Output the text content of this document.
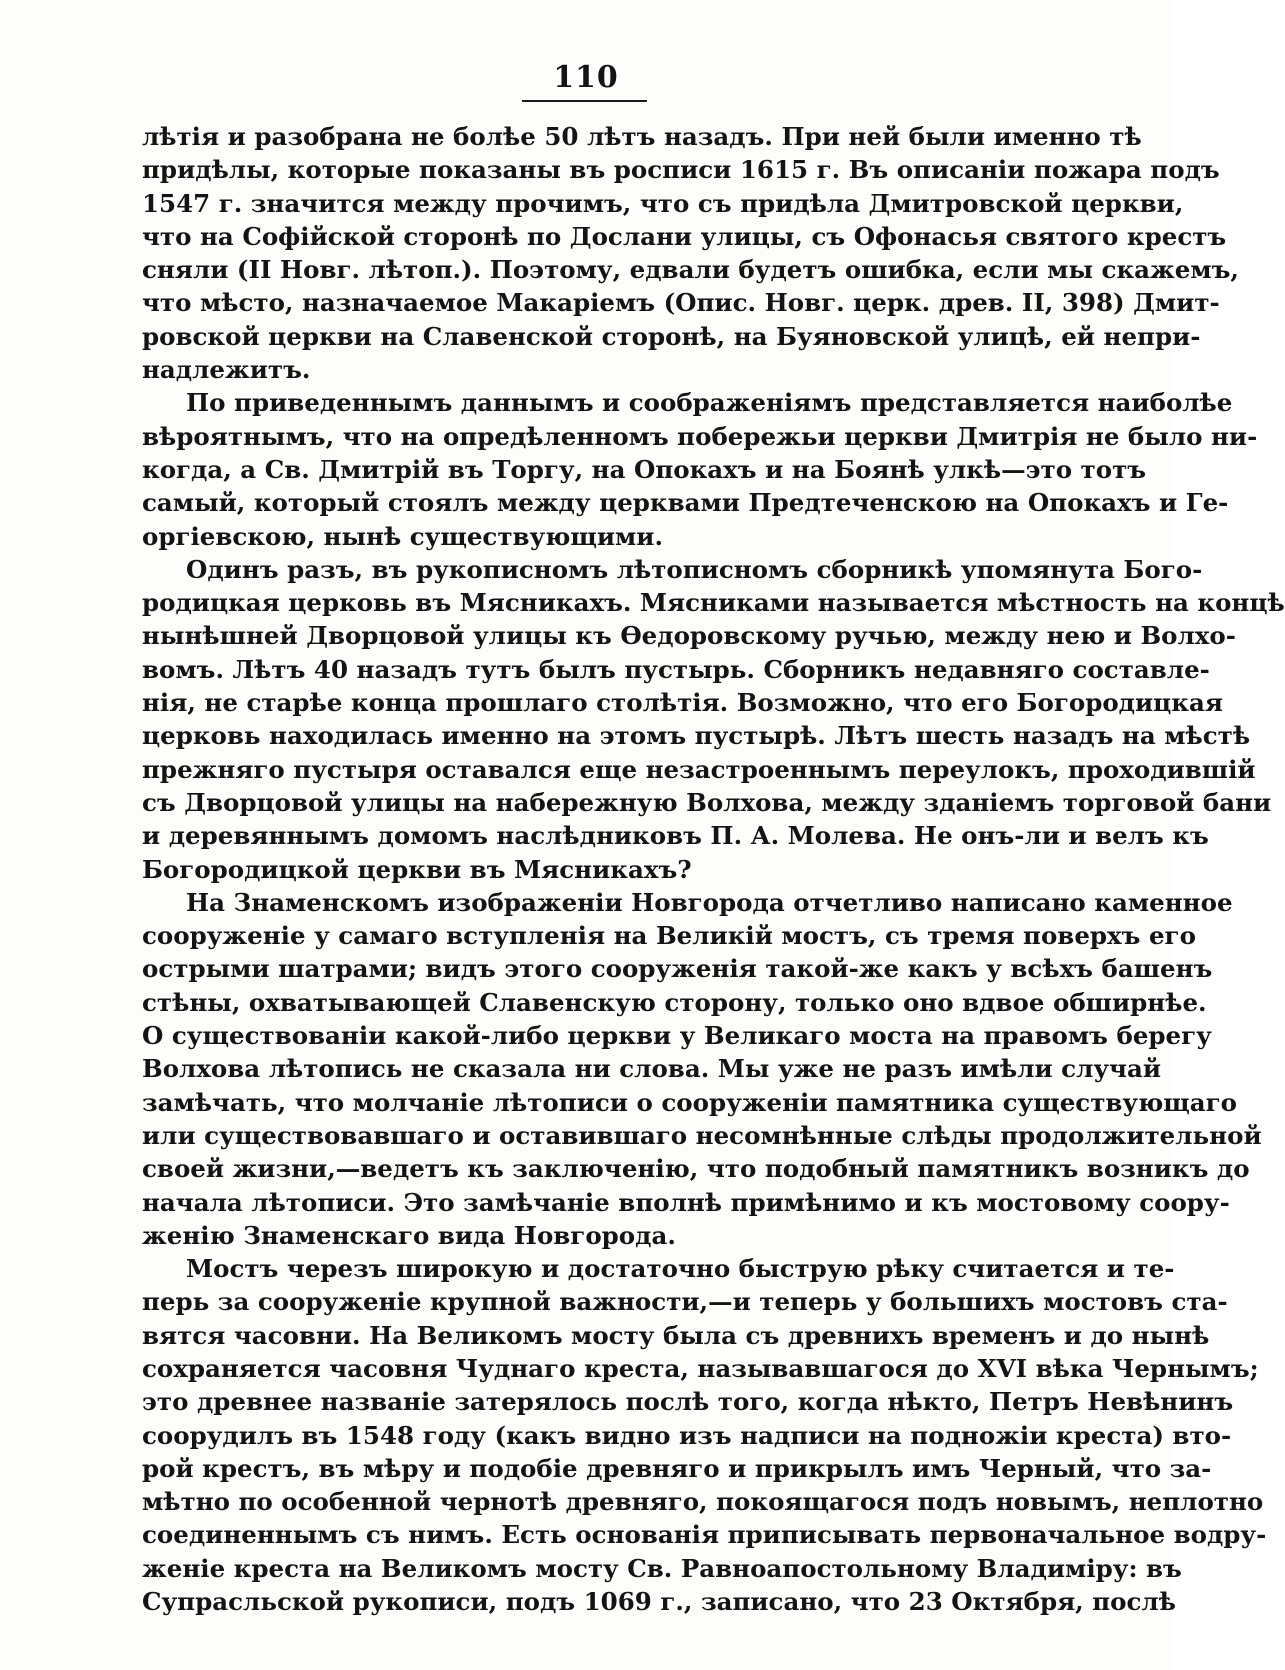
110
лѣтія и разобрана не болѣе 50 лѣтъ назадъ. При ней были именно тѣ
придѣлы, которые показаны въ росписи 1615 г. Въ описаніи пожара подъ
1547 г. значится между прочимъ, что съ придѣла Дмитровской церкви,
что на Софійской сторонѣ по Дослани улицы, съ Офонасья святого крестъ
сняли (II Новг. лѣтоп.). Поэтому, едвали будетъ ошибка, если мы скажемъ,
что мѣсто, назначаемое Макаріемъ (Опис. Новг. церк. древ. II, 398) Дмит-
ровской церкви на Славенской сторонѣ, на Буяновской улицѣ, ей непри-
надлежитъ.
По приведеннымъ даннымъ и соображеніямъ представляется наиболѣе
вѣроятнымъ, что на опредѣленномъ побережьи церкви Дмитрія не было ни-
когда, а Св. Дмитрій въ Торгу, на Опокахъ и на Боянѣ улкѣ—это тотъ
самый, который стоялъ между церквами Предтеченскою на Опокахъ и Ге-
оргіевскою, нынѣ существующими.
Одинъ разъ, въ рукописномъ лѣтописномъ сборникѣ упомянута Бого-
родицкая церковь въ Мясникахъ. Мясниками называется мѣстность на концѣ
нынѣшней Дворцовой улицы къ Ѳедоровскому ручью, между нею и Волхо-
вомъ. Лѣтъ 40 назадъ тутъ былъ пустырь. Сборникъ недавняго составле-
нія, не старѣе конца прошлаго столѣтія. Возможно, что его Богородицкая
церковь находилась именно на этомъ пустырѣ. Лѣтъ шесть назадъ на мѣстѣ
прежняго пустыря оставался еще незастроеннымъ переулокъ, проходившій
съ Дворцовой улицы на набережную Волхова, между зданіемъ торговой бани
и деревяннымъ домомъ наслѣдниковъ П. А. Молева. Не онъ-ли и велъ къ
Богородицкой церкви въ Мясникахъ?
На Знаменскомъ изображеніи Новгорода отчетливо написано каменное
сооруженіе у самаго вступленія на Великій мостъ, съ тремя поверхъ его
острыми шатрами; видъ этого сооруженія такой-же какъ у всѣхъ башенъ
стѣны, охватывающей Славенскую сторону, только оно вдвое обширнѣе.
О существованіи какой-либо церкви у Великаго моста на правомъ берегу
Волхова лѣтопись не сказала ни слова. Мы уже не разъ имѣли случай
замѣчать, что молчаніе лѣтописи о сооруженіи памятника существующаго
или существовавшаго и оставившаго несомнѣнные слѣды продолжительной
своей жизни,—ведетъ къ заключенію, что подобный памятникъ возникъ до
начала лѣтописи. Это замѣчаніе вполнѣ примѣнимо и къ мостовому соору-
женію Знаменскаго вида Новгорода.
Мостъ черезъ широкую и достаточно быструю рѣку считается и те-
перь за сооруженіе крупной важности,—и теперь у большихъ мостовъ ста-
вятся часовни. На Великомъ мосту была съ древнихъ временъ и до нынѣ
сохраняется часовня Чуднаго креста, называвшагося до XVI вѣка Чернымъ;
это древнее названіе затерялось послѣ того, когда нѣкто, Петръ Невѣнинъ
соорудилъ въ 1548 году (какъ видно изъ надписи на подножіи креста) вто-
рой крестъ, въ мѣру и подобіе древняго и прикрылъ имъ Черный, что за-
мѣтно по особенной чернотѣ древняго, покоящагося подъ новымъ, неплотно
соединеннымъ съ нимъ. Есть основанія приписывать первоначальное водру-
женіе креста на Великомъ мосту Св. Равноапостольному Владиміру: въ
Супрасльской рукописи, подъ 1069 г., записано, что 23 Октября, послѣ
